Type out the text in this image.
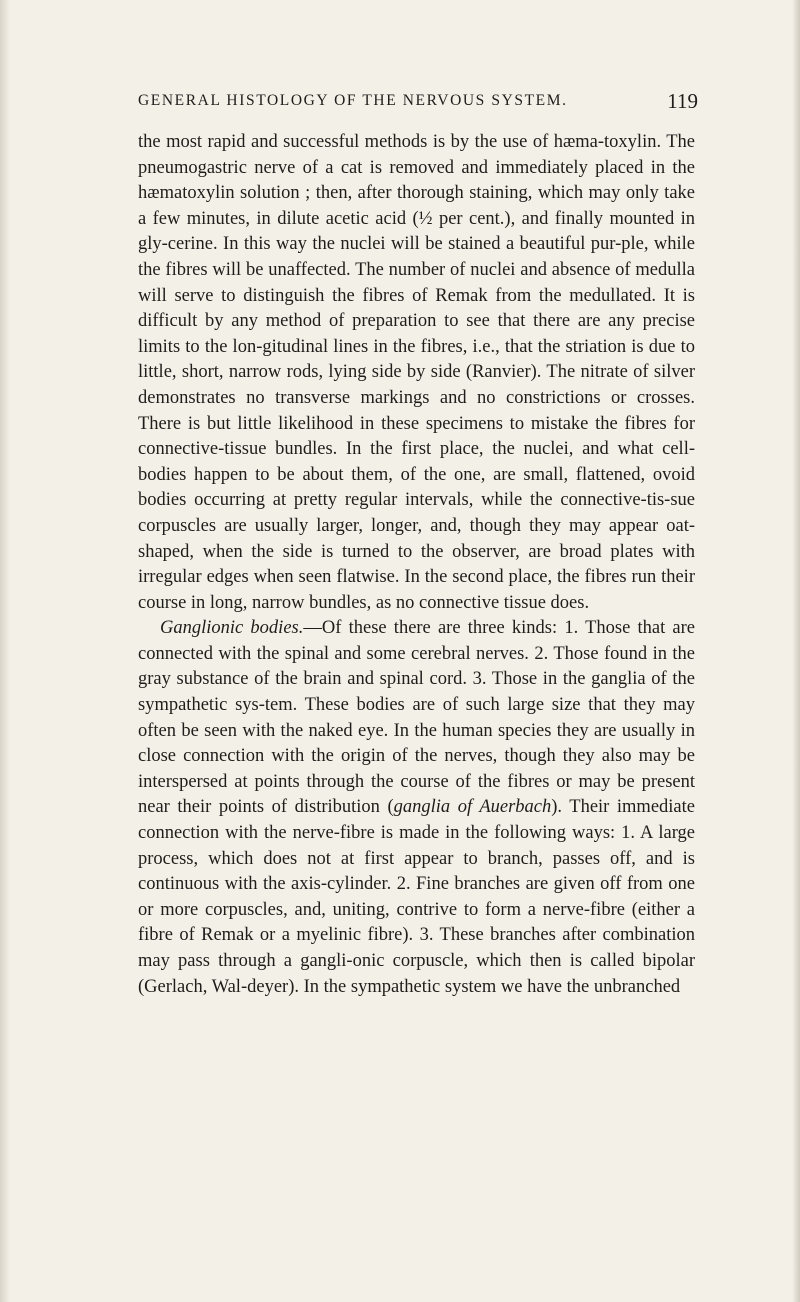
GENERAL HISTOLOGY OF THE NERVOUS SYSTEM.	119

the most rapid and successful methods is by the use of hæma-toxylin. The pneumogastric nerve of a cat is removed and immediately placed in the hæmatoxylin solution ; then, after thorough staining, which may only take a few minutes, in dilute acetic acid (½ per cent.), and finally mounted in gly-cerine. In this way the nuclei will be stained a beautiful pur-ple, while the fibres will be unaffected. The number of nuclei and absence of medulla will serve to distinguish the fibres of Remak from the medullated. It is difficult by any method of preparation to see that there are any precise limits to the lon-gitudinal lines in the fibres, i.e., that the striation is due to little, short, narrow rods, lying side by side (Ranvier). The nitrate of silver demonstrates no transverse markings and no constrictions or crosses. There is but little likelihood in these specimens to mistake the fibres for connective-tissue bundles. In the first place, the nuclei, and what cell-bodies happen to be about them, of the one, are small, flattened, ovoid bodies occurring at pretty regular intervals, while the connective-tis-sue corpuscles are usually larger, longer, and, though they may appear oat-shaped, when the side is turned to the observer, are broad plates with irregular edges when seen flatwise. In the second place, the fibres run their course in long, narrow bundles, as no connective tissue does.

Ganglionic bodies.—Of these there are three kinds: 1. Those that are connected with the spinal and some cerebral nerves. 2. Those found in the gray substance of the brain and spinal cord. 3. Those in the ganglia of the sympathetic sys-tem. These bodies are of such large size that they may often be seen with the naked eye. In the human species they are usually in close connection with the origin of the nerves, though they also may be interspersed at points through the course of the fibres or may be present near their points of distribution (ganglia of Auerbach). Their immediate connection with the nerve-fibre is made in the following ways: 1. A large process, which does not at first appear to branch, passes off, and is continuous with the axis-cylinder. 2. Fine branches are given off from one or more corpuscles, and, uniting, contrive to form a nerve-fibre (either a fibre of Remak or a myelinic fibre). 3. These branches after combination may pass through a gangli-onic corpuscle, which then is called bipolar (Gerlach, Wal-deyer). In the sympathetic system we have the unbranched
